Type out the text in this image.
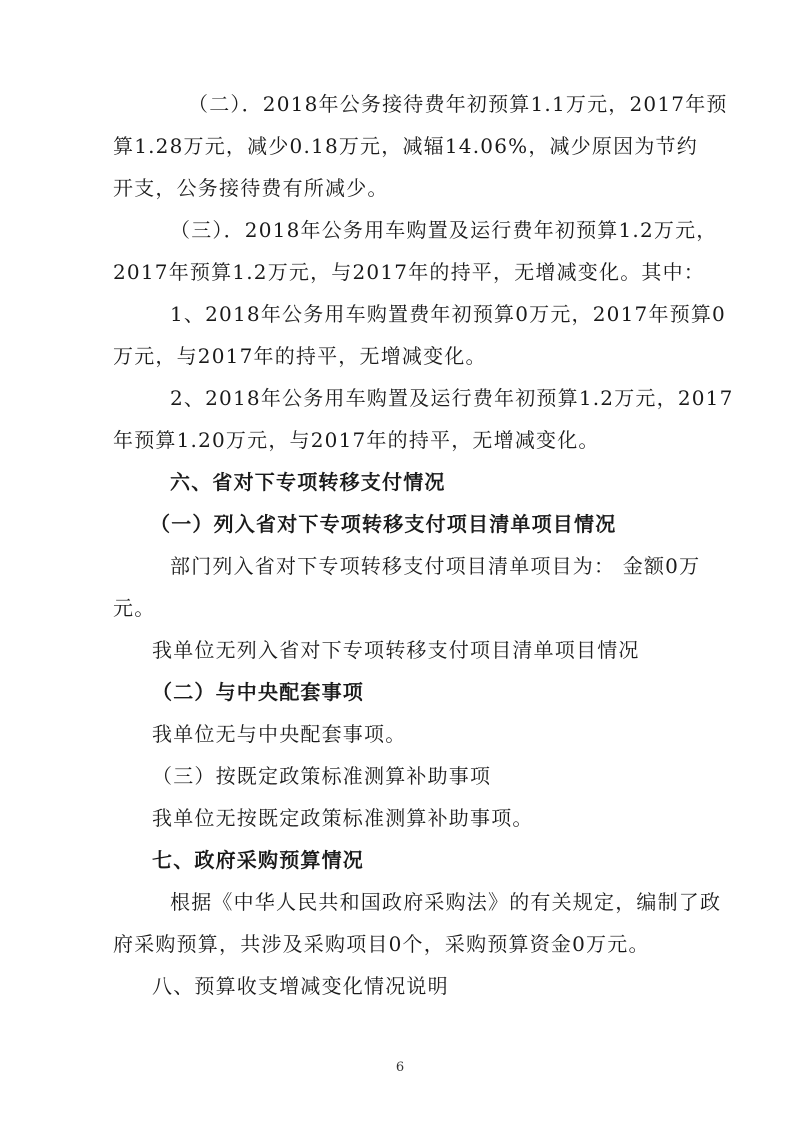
（二）．2018年公务接待费年初预算1.1万元，2017年预
算1.28万元，减少0.18万元，减辐14.06%，减少原因为节约
开支，公务接待费有所减少。
（三）．2018年公务用车购置及运行费年初预算1.2万元，
2017年预算1.2万元，与2017年的持平，无增减变化。其中：
1、2018年公务用车购置费年初预算0万元，2017年预算0
万元，与2017年的持平，无增减变化。
2、2018年公务用车购置及运行费年初预算1.2万元，2017
年预算1.20万元，与2017年的持平，无增减变化。
六、省对下专项转移支付情况
（一）列入省对下专项转移支付项目清单项目情况
部门列入省对下专项转移支付项目清单项目为： 金额0万
元。
我单位无列入省对下专项转移支付项目清单项目情况
（二）与中央配套事项
我单位无与中央配套事项。
（三）按既定政策标准测算补助事项
我单位无按既定政策标准测算补助事项。
七、政府采购预算情况
根据《中华人民共和国政府采购法》的有关规定，编制了政
府采购预算，共涉及采购项目0个，采购预算资金0万元。
八、预算收支增减变化情况说明
6
